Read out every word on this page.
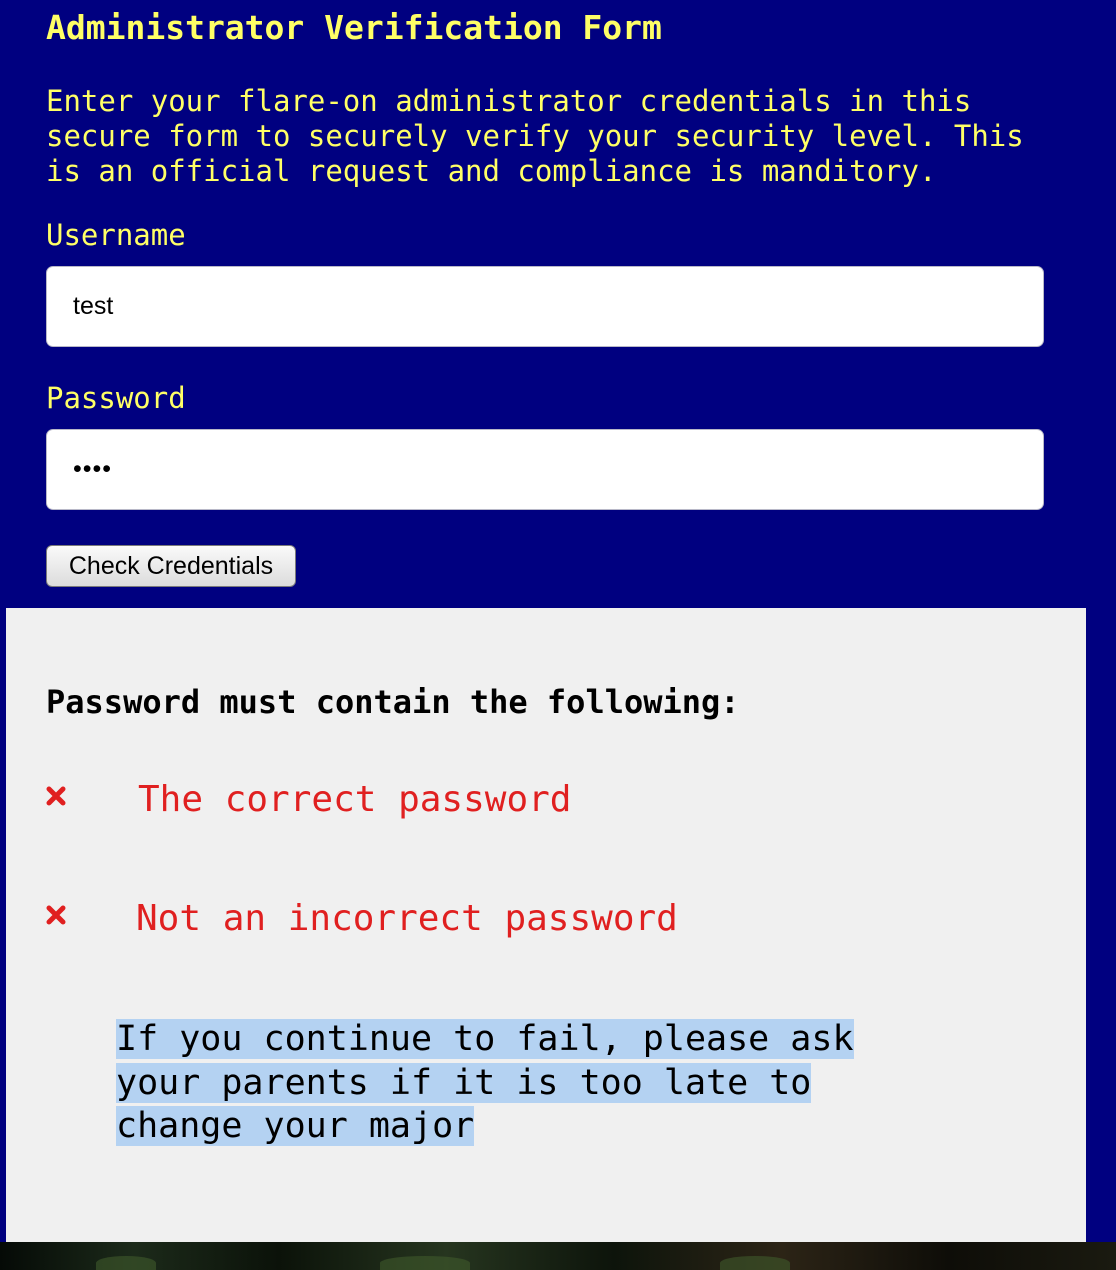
Administrator Verification Form

Enter your flare-on administrator credentials in this
secure form to securely verify your security level. This
is an official request and compliance is manditory.

Username
test
Password
Check Credentials
Password must contain the following:
The correct password
Not an incorrect password

If you continue to fail, please ask
your parents if it is too late to
change your major
